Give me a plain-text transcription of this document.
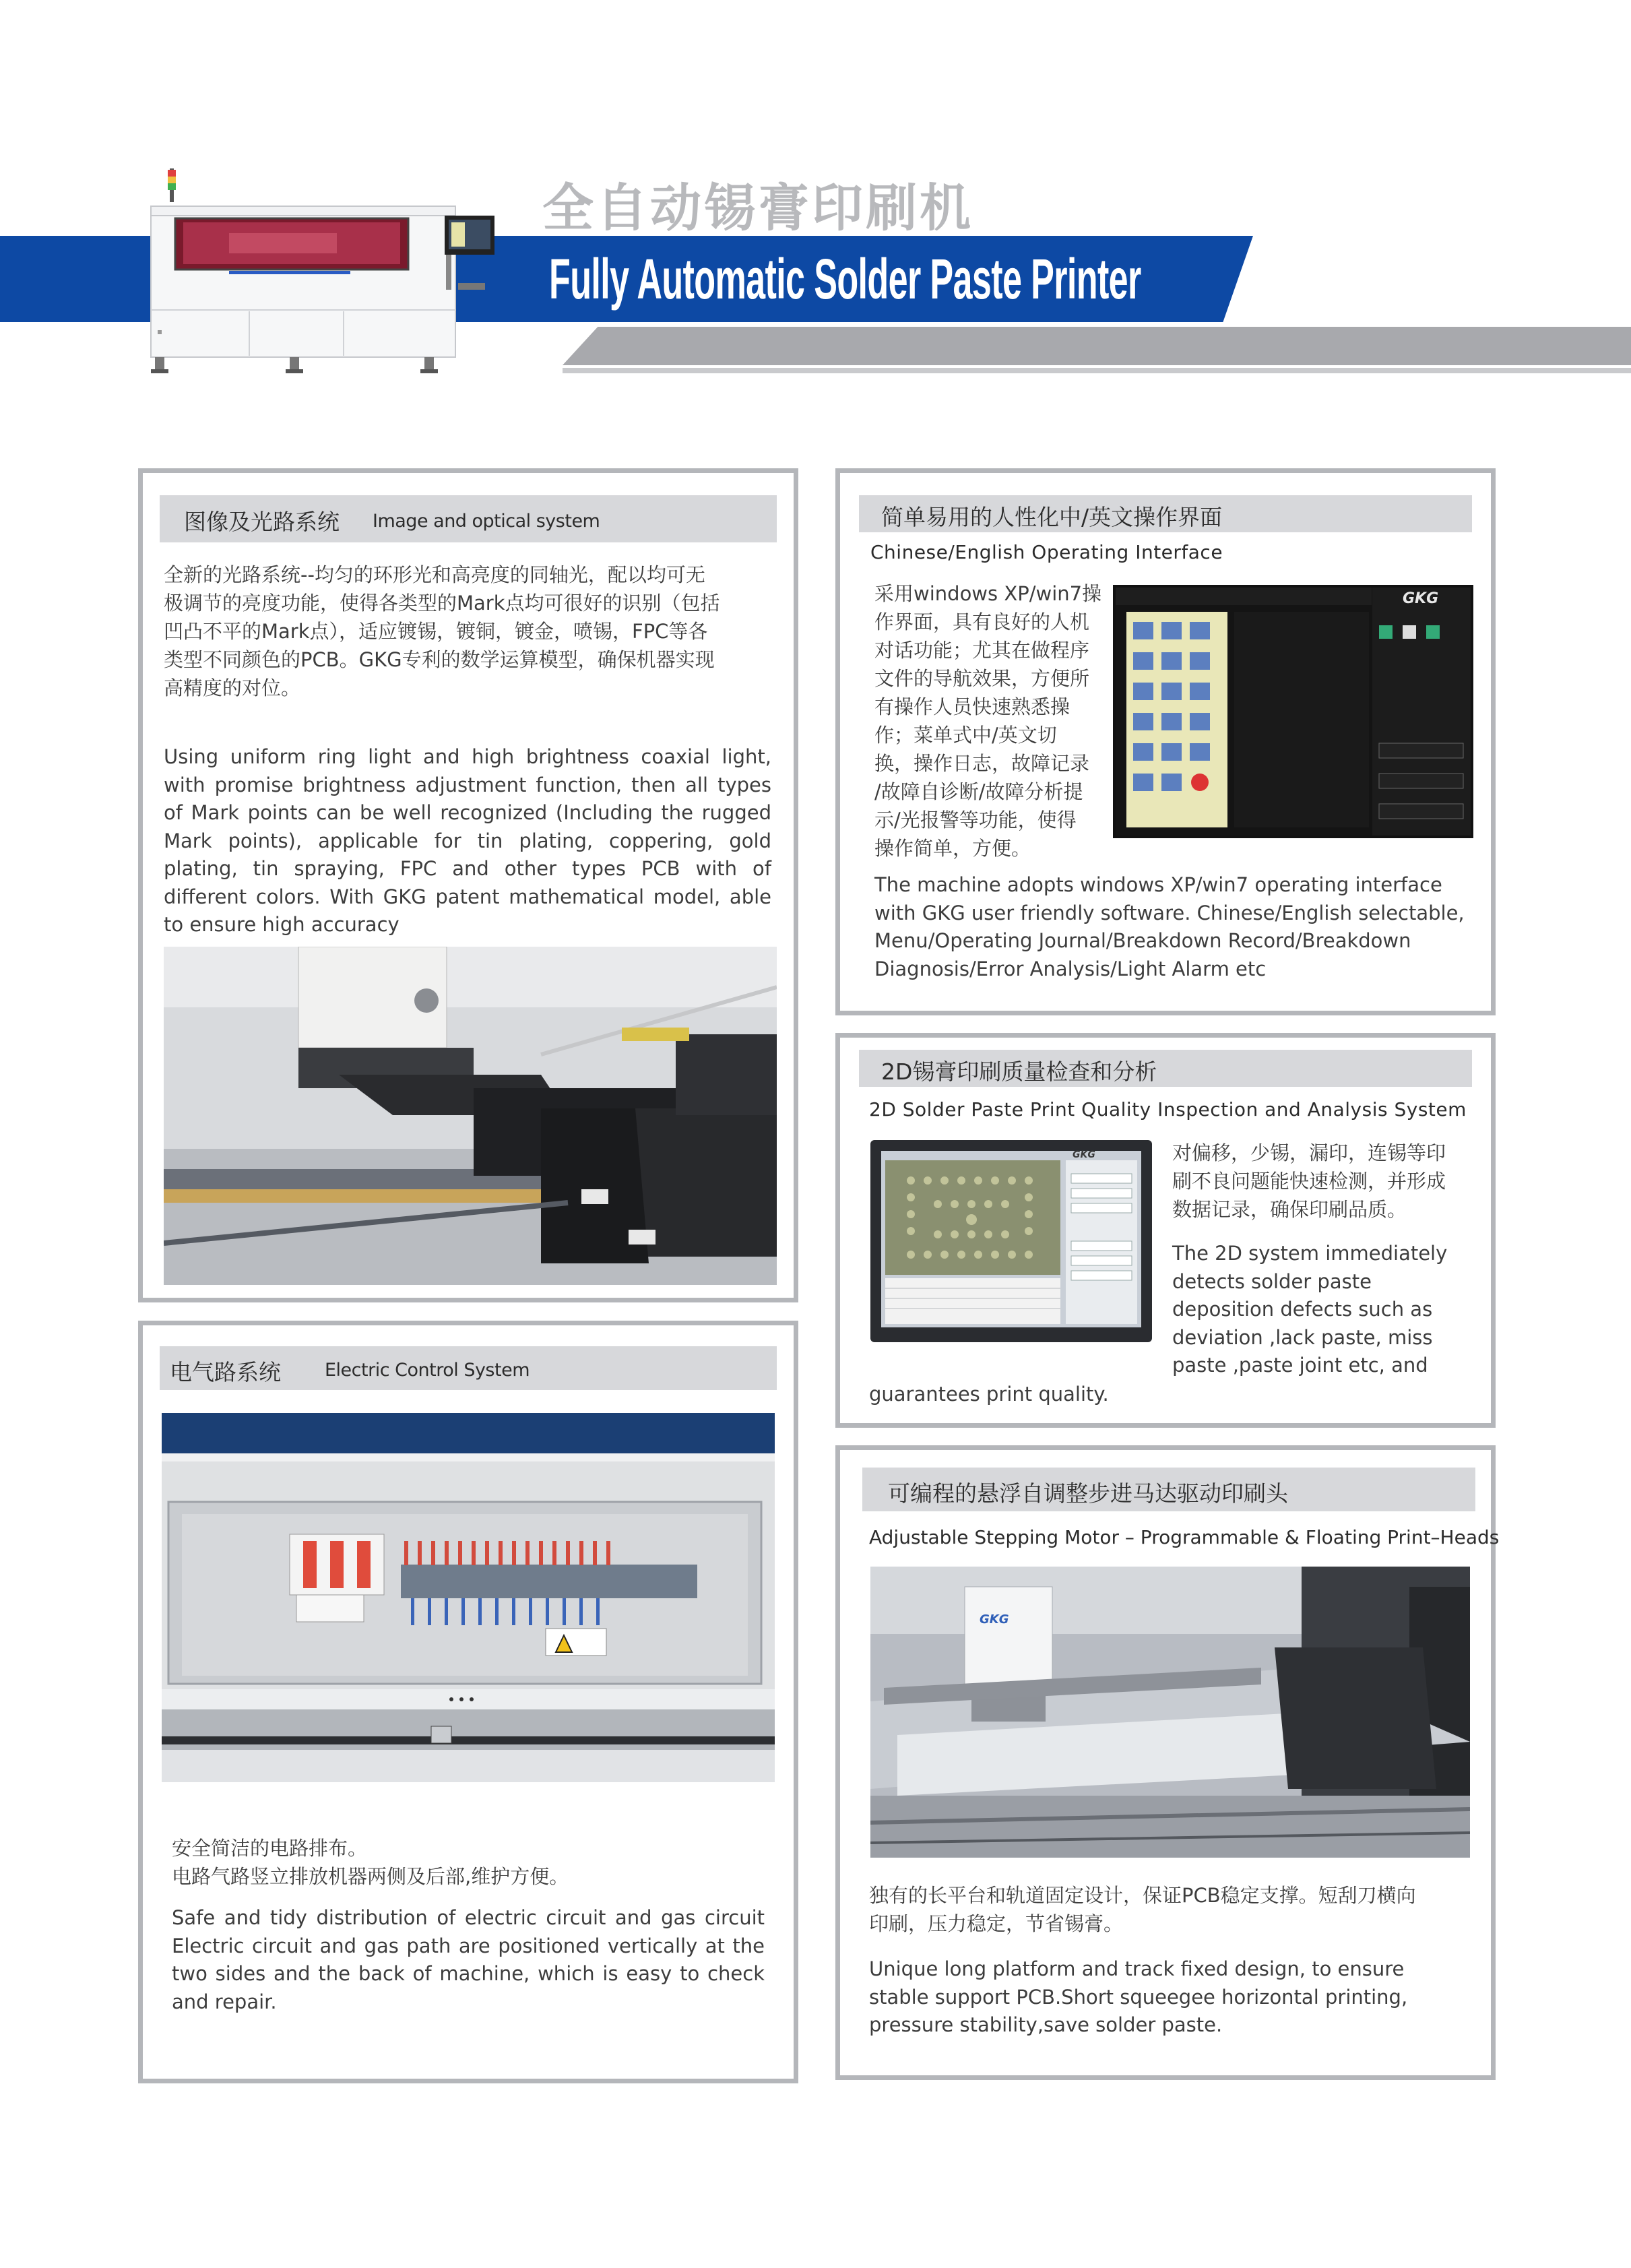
全自动锡膏印刷机
Fully Automatic Solder Paste Printer
图像及光路系统 Image and optical system
全新的光路系统--均匀的环形光和高亮度的同轴光，配以均可无
极调节的亮度功能，使得各类型的Mark点均可很好的识别（包括
凹凸不平的Mark点），适应镀锡，镀铜，镀金，喷锡，FPC等各
类型不同颜色的PCB。GKG专利的数学运算模型，确保机器实现
高精度的对位。
Using uniform ring light and high brightness coaxial light, with promise brightness adjustment function, then all types of Mark points can be well recognized (Including the rugged Mark points), applicable for tin plating, coppering, gold plating, tin spraying, FPC and other types PCB with of different colors. With GKG patent mathematical model, able to ensure high accuracy
电气路系统 Electric Control System
安全简洁的电路排布。
电路气路竖立排放机器两侧及后部,维护方便。
Safe and tidy distribution of electric circuit and gas circuit Electric circuit and gas path are positioned vertically at the two sides and the back of machine, which is easy to check and repair.
简单易用的人性化中/英文操作界面
Chinese/English Operating Interface
采用windows XP/win7操
作界面，具有良好的人机
对话功能；尤其在做程序
文件的导航效果，方便所
有操作人员快速熟悉操
作；菜单式中/英文切
换，操作日志，故障记录
/故障自诊断/故障分析提
示/光报警等功能，使得
操作简单，方便。
GKG
The machine adopts windows XP/win7 operating interface
with GKG user friendly software. Chinese/English selectable,
Menu/Operating Journal/Breakdown Record/Breakdown
Diagnosis/Error Analysis/Light Alarm etc
2D锡膏印刷质量检查和分析
2D Solder Paste Print Quality Inspection and Analysis System
GKG	对偏移，少锡，漏印，连锡等印
刷不良问题能快速检测，并形成
数据记录，确保印刷品质。
The 2D system immediately
detects solder paste
deposition defects such as
deviation ,lack paste, miss
paste ,paste joint etc, and
guarantees print quality.
可编程的悬浮自调整步进马达驱动印刷头
Adjustable Stepping Motor – Programmable & Floating Print–Heads
GKG
独有的长平台和轨道固定设计，保证PCB稳定支撑。短刮刀横向
印刷，压力稳定，节省锡膏。
Unique long platform and track fixed design, to ensure
stable support PCB.Short squeegee horizontal printing,
pressure stability,save solder paste.
